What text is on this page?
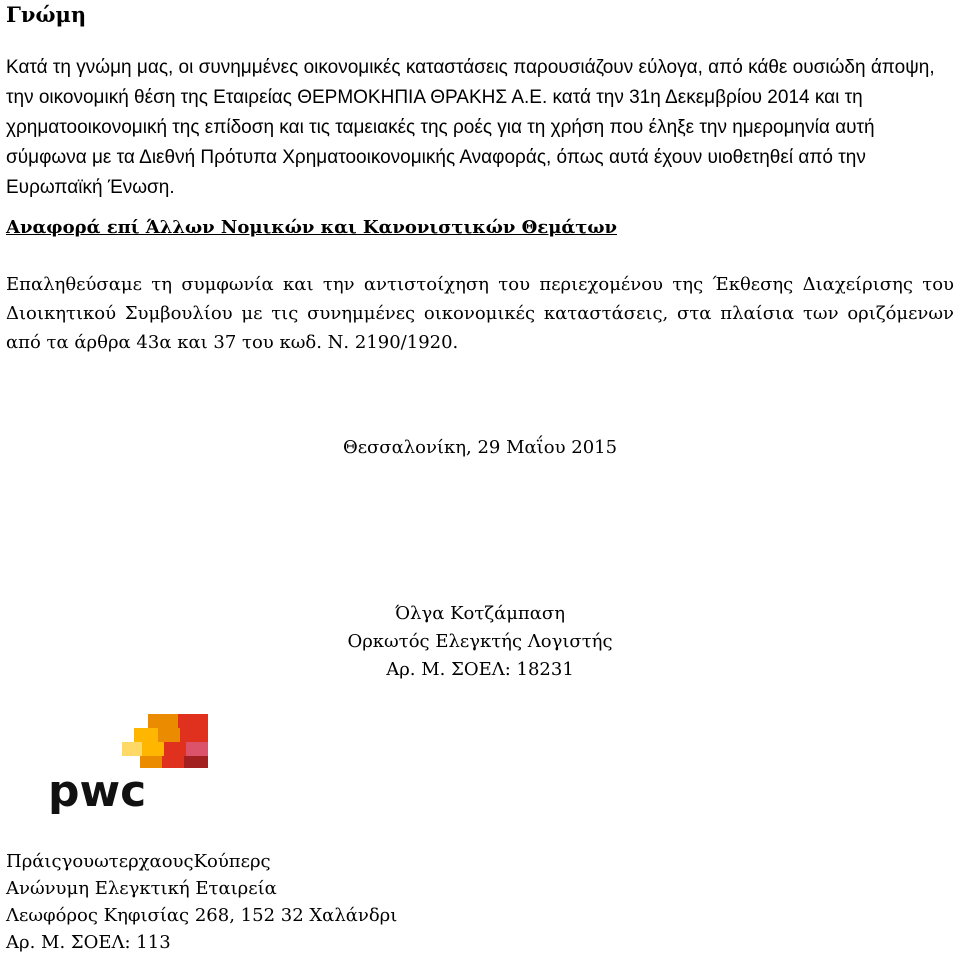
Γνώμη

Κατά τη γνώμη μας, οι συνημμένες οικονομικές καταστάσεις παρουσιάζουν εύλογα, από κάθε ουσιώδη άποψη, την οικονομική θέση της Εταιρείας ΘΕΡΜΟΚΗΠΙΑ ΘΡΑΚΗΣ Α.Ε. κατά την 31η Δεκεμβρίου 2014 και τη χρηματοοικονομική της επίδοση και τις ταμειακές της ροές για τη χρήση που έληξε την ημερομηνία αυτή σύμφωνα με τα Διεθνή Πρότυπα Χρηματοοικονομικής Αναφοράς, όπως αυτά έχουν υιοθετηθεί από την Ευρωπαϊκή Ένωση.

Αναφορά επί Άλλων Νομικών και Κανονιστικών Θεμάτων

Επαληθεύσαμε τη συμφωνία και την αντιστοίχηση του περιεχομένου της Έκθεσης Διαχείρισης του Διοικητικού Συμβουλίου με τις συνημμένες οικονομικές καταστάσεις, στα πλαίσια των οριζόμενων από τα άρθρα 43α και 37 του κωδ. Ν. 2190/1920.

Θεσσαλονίκη, 29 Μαΐου 2015
Όλγα Κοτζάμπαση
Ορκωτός Ελεγκτής Λογιστής
Αρ. Μ. ΣΟΕΛ: 18231
pwc
ΠράιςγουωτερχαουςΚούπερς
Ανώνυμη Ελεγκτική Εταιρεία
Λεωφόρος Κηφισίας 268, 152 32 Χαλάνδρι
Αρ. Μ. ΣΟΕΛ: 113
